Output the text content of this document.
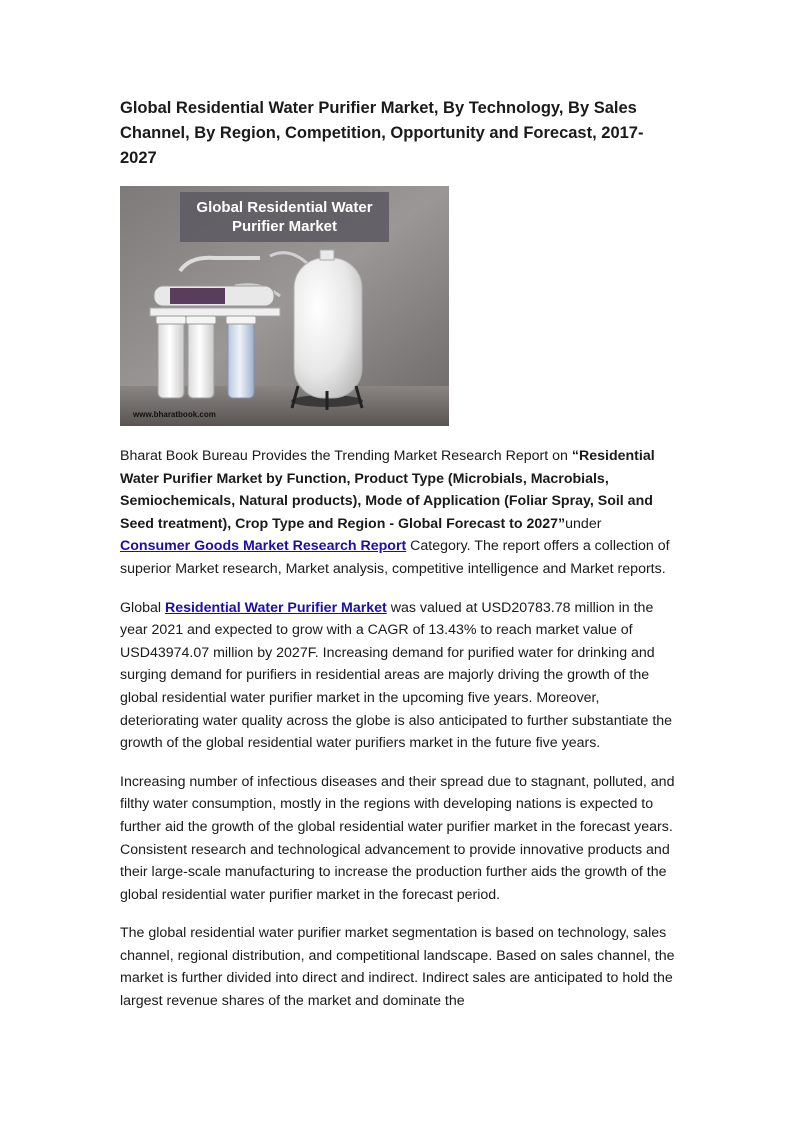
Global Residential Water Purifier Market, By Technology, By Sales Channel, By Region, Competition, Opportunity and Forecast, 2017-2027
Global Residential Water Purifier Market
www.bharatbook.com

Bharat Book Bureau Provides the Trending Market Research Report on “Residential Water Purifier Market by Function, Product Type (Microbials, Macrobials, Semiochemicals, Natural products), Mode of Application (Foliar Spray, Soil and Seed treatment), Crop Type and Region - Global Forecast to 2027”under Consumer Goods Market Research Report Category. The report offers a collection of superior Market research, Market analysis, competitive intelligence and Market reports.

Global Residential Water Purifier Market was valued at USD20783.78 million in the year 2021 and expected to grow with a CAGR of 13.43% to reach market value of USD43974.07 million by 2027F. Increasing demand for purified water for drinking and surging demand for purifiers in residential areas are majorly driving the growth of the global residential water purifier market in the upcoming five years. Moreover, deteriorating water quality across the globe is also anticipated to further substantiate the growth of the global residential water purifiers market in the future five years.

Increasing number of infectious diseases and their spread due to stagnant, polluted, and filthy water consumption, mostly in the regions with developing nations is expected to further aid the growth of the global residential water purifier market in the forecast years. Consistent research and technological advancement to provide innovative products and their large-scale manufacturing to increase the production further aids the growth of the global residential water purifier market in the forecast period.

The global residential water purifier market segmentation is based on technology, sales channel, regional distribution, and competitional landscape. Based on sales channel, the market is further divided into direct and indirect. Indirect sales are anticipated to hold the largest revenue shares of the market and dominate the
